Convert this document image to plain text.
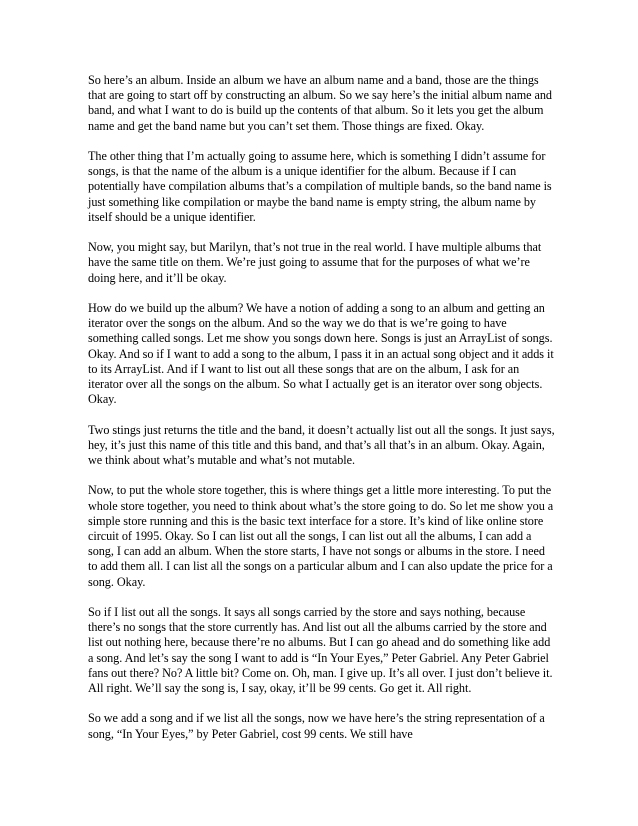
So here’s an album. Inside an album we have an album name and a band, those are the things that are going to start off by constructing an album. So we say here’s the initial album name and band, and what I want to do is build up the contents of that album. So it lets you get the album name and get the band name but you can’t set them. Those things are fixed. Okay.

The other thing that I’m actually going to assume here, which is something I didn’t assume for songs, is that the name of the album is a unique identifier for the album. Because if I can potentially have compilation albums that’s a compilation of multiple bands, so the band name is just something like compilation or maybe the band name is empty string, the album name by itself should be a unique identifier.

Now, you might say, but Marilyn, that’s not true in the real world. I have multiple albums that have the same title on them. We’re just going to assume that for the purposes of what we’re doing here, and it’ll be okay.

How do we build up the album? We have a notion of adding a song to an album and getting an iterator over the songs on the album. And so the way we do that is we’re going to have something called songs. Let me show you songs down here. Songs is just an ArrayList of songs. Okay. And so if I want to add a song to the album, I pass it in an actual song object and it adds it to its ArrayList. And if I want to list out all these songs that are on the album, I ask for an iterator over all the songs on the album. So what I actually get is an iterator over song objects. Okay.

Two stings just returns the title and the band, it doesn’t actually list out all the songs. It just says, hey, it’s just this name of this title and this band, and that’s all that’s in an album. Okay. Again, we think about what’s mutable and what’s not mutable.

Now, to put the whole store together, this is where things get a little more interesting. To put the whole store together, you need to think about what’s the store going to do. So let me show you a simple store running and this is the basic text interface for a store. It’s kind of like online store circuit of 1995. Okay. So I can list out all the songs, I can list out all the albums, I can add a song, I can add an album. When the store starts, I have not songs or albums in the store. I need to add them all. I can list all the songs on a particular album and I can also update the price for a song. Okay.

So if I list out all the songs. It says all songs carried by the store and says nothing, because there’s no songs that the store currently has. And list out all the albums carried by the store and list out nothing here, because there’re no albums. But I can go ahead and do something like add a song. And let’s say the song I want to add is “In Your Eyes,” Peter Gabriel. Any Peter Gabriel fans out there? No? A little bit? Come on. Oh, man. I give up. It’s all over. I just don’t believe it. All right. We’ll say the song is, I say, okay, it’ll be 99 cents. Go get it. All right.

So we add a song and if we list all the songs, now we have here’s the string representation of a song, “In Your Eyes,” by Peter Gabriel, cost 99 cents. We still have
